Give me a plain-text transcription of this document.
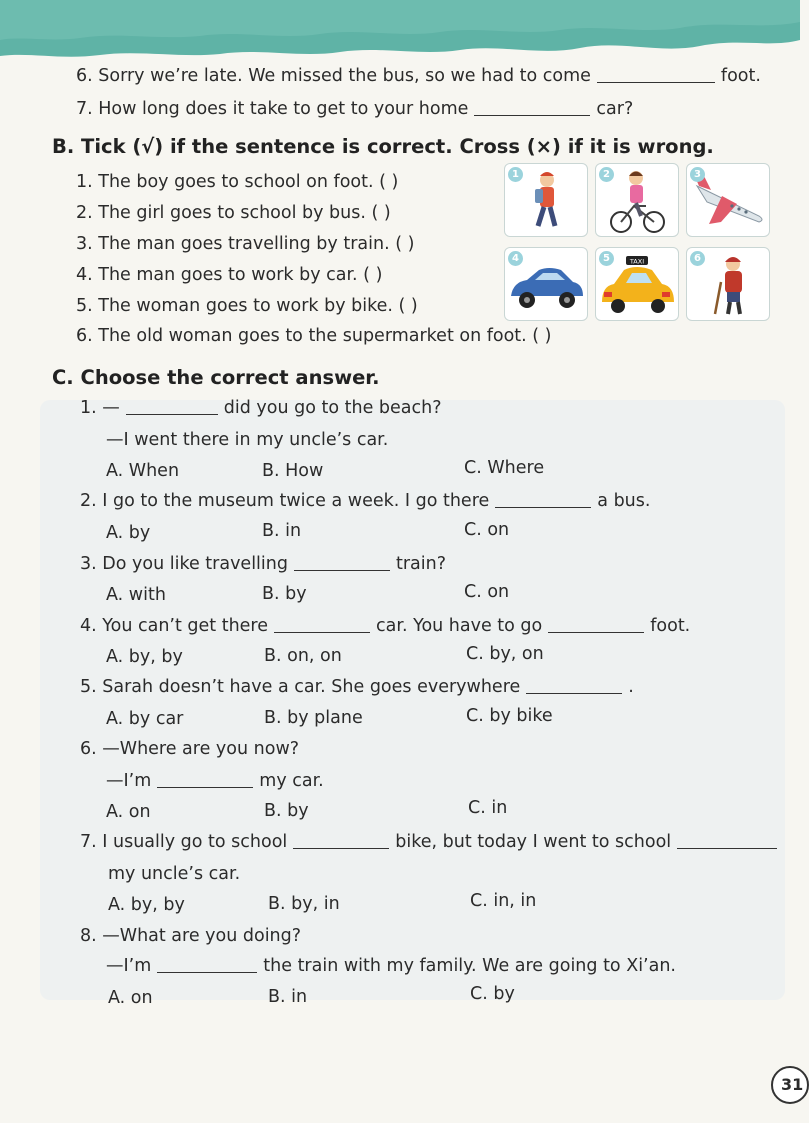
6. Sorry we’re late. We missed the bus, so we had to come	foot.
7. How long does it take to get to your home	car?
B. Tick (√) if the sentence is correct. Cross (×) if it is wrong.
1. The boy goes to school on foot. ( )
2. The girl goes to school by bus. ( )
3. The man goes travelling by train. ( )
4. The man goes to work by car. ( )
5. The woman goes to work by bike. ( )
6. The old woman goes to the supermarket on foot. ( )
1	2	3
4	TAXI
5	6
C. Choose the correct answer.
1. —	did you go to the beach?
—I went there in my uncle’s car.
A. When	B. How	C. Where
2. I go to the museum twice a week. I go there	a bus.
A. by	B. in	C. on
3. Do you like travelling	train?
A. with	B. by	C. on
4. You can’t get there	car. You have to go	foot.
A. by, by	B. on, on	C. by, on
5. Sarah doesn’t have a car. She goes everywhere	.
A. by car	B. by plane	C. by bike
6. —Where are you now?
—I’m	my car.
A. on	B. by	C. in
7. I usually go to school	bike, but today I went to school
my uncle’s car.
A. by, by	B. by, in	C. in, in
8. —What are you doing?
—I’m	the train with my family. We are going to Xi’an.
A. on	B. in	C. by
31
